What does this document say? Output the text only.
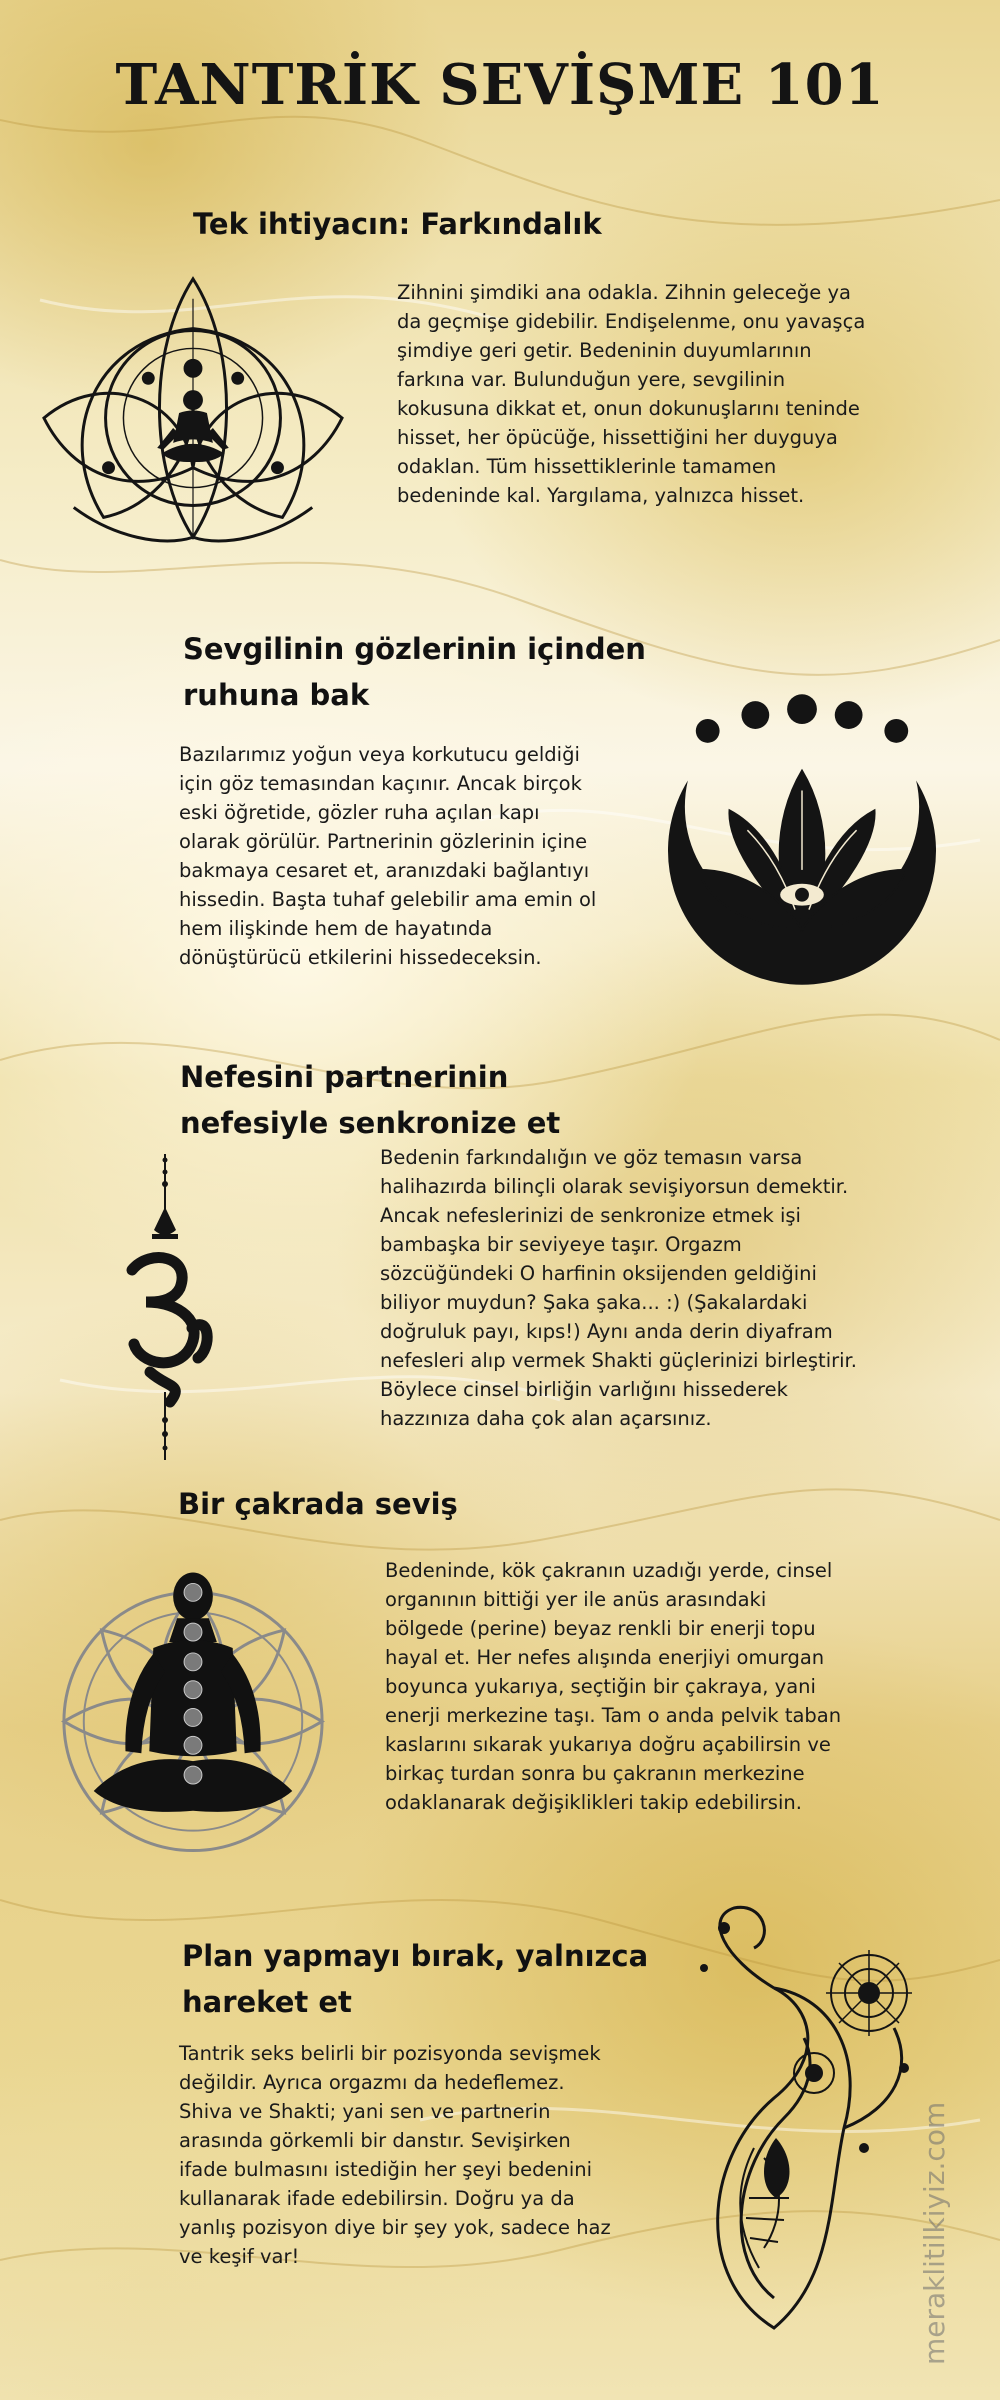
TANTRİK SEVİŞME 101
Tek ihtiyacın: Farkındalık

Zihnini şimdiki ana odakla. Zihnin geleceğe ya da geçmişe gidebilir. Endişelenme, onu yavaşça şimdiye geri getir. Bedeninin duyumlarının farkına var. Bulunduğun yere, sevgilinin kokusuna dikkat et, onun dokunuşlarını teninde hisset, her öpücüğe, hissettiğini her duyguya odaklan. Tüm hissettiklerinle tamamen bedeninde kal. Yargılama, yalnızca hisset.

Sevgilinin gözlerinin içinden ruhuna bak

Bazılarımız yoğun veya korkutucu geldiği için göz temasından kaçınır. Ancak birçok eski öğretide, gözler ruha açılan kapı olarak görülür. Partnerinin gözlerinin içine bakmaya cesaret et, aranızdaki bağlantıyı hissedin. Başta tuhaf gelebilir ama emin ol hem ilişkinde hem de hayatında dönüştürücü etkilerini hissedeceksin.

Nefesini partnerinin nefesiyle senkronize et

Bedenin farkındalığın ve göz temasın varsa halihazırda bilinçli olarak sevişiyorsun demektir. Ancak nefeslerinizi de senkronize etmek işi bambaşka bir seviyeye taşır. Orgazm sözcüğündeki O harfinin oksijenden geldiğini biliyor muydun? Şaka şaka... :) (Şakalardaki doğruluk payı, kıps!) Aynı anda derin diyafram nefesleri alıp vermek Shakti güçlerinizi birleştirir. Böylece cinsel birliğin varlığını hissederek hazzınıza daha çok alan açarsınız.

Bir çakrada seviş

Bedeninde, kök çakranın uzadığı yerde, cinsel organının bittiği yer ile anüs arasındaki bölgede (perine) beyaz renkli bir enerji topu hayal et. Her nefes alışında enerjiyi omurgan boyunca yukarıya, seçtiğin bir çakraya, yani enerji merkezine taşı. Tam o anda pelvik taban kaslarını sıkarak yukarıya doğru açabilirsin ve birkaç turdan sonra bu çakranın merkezine odaklanarak değişiklikleri takip edebilirsin.

Plan yapmayı bırak, yalnızca hareket et

Tantrik seks belirli bir pozisyonda sevişmek değildir. Ayrıca orgazmı da hedeflemez. Shiva ve Shakti; yani sen ve partnerin arasında görkemli bir danstır. Sevişirken ifade bulmasını istediğin her şeyi bedenini kullanarak ifade edebilirsin. Doğru ya da yanlış pozisyon diye bir şey yok, sadece haz ve keşif var!	meraklitilkiyiz.com
